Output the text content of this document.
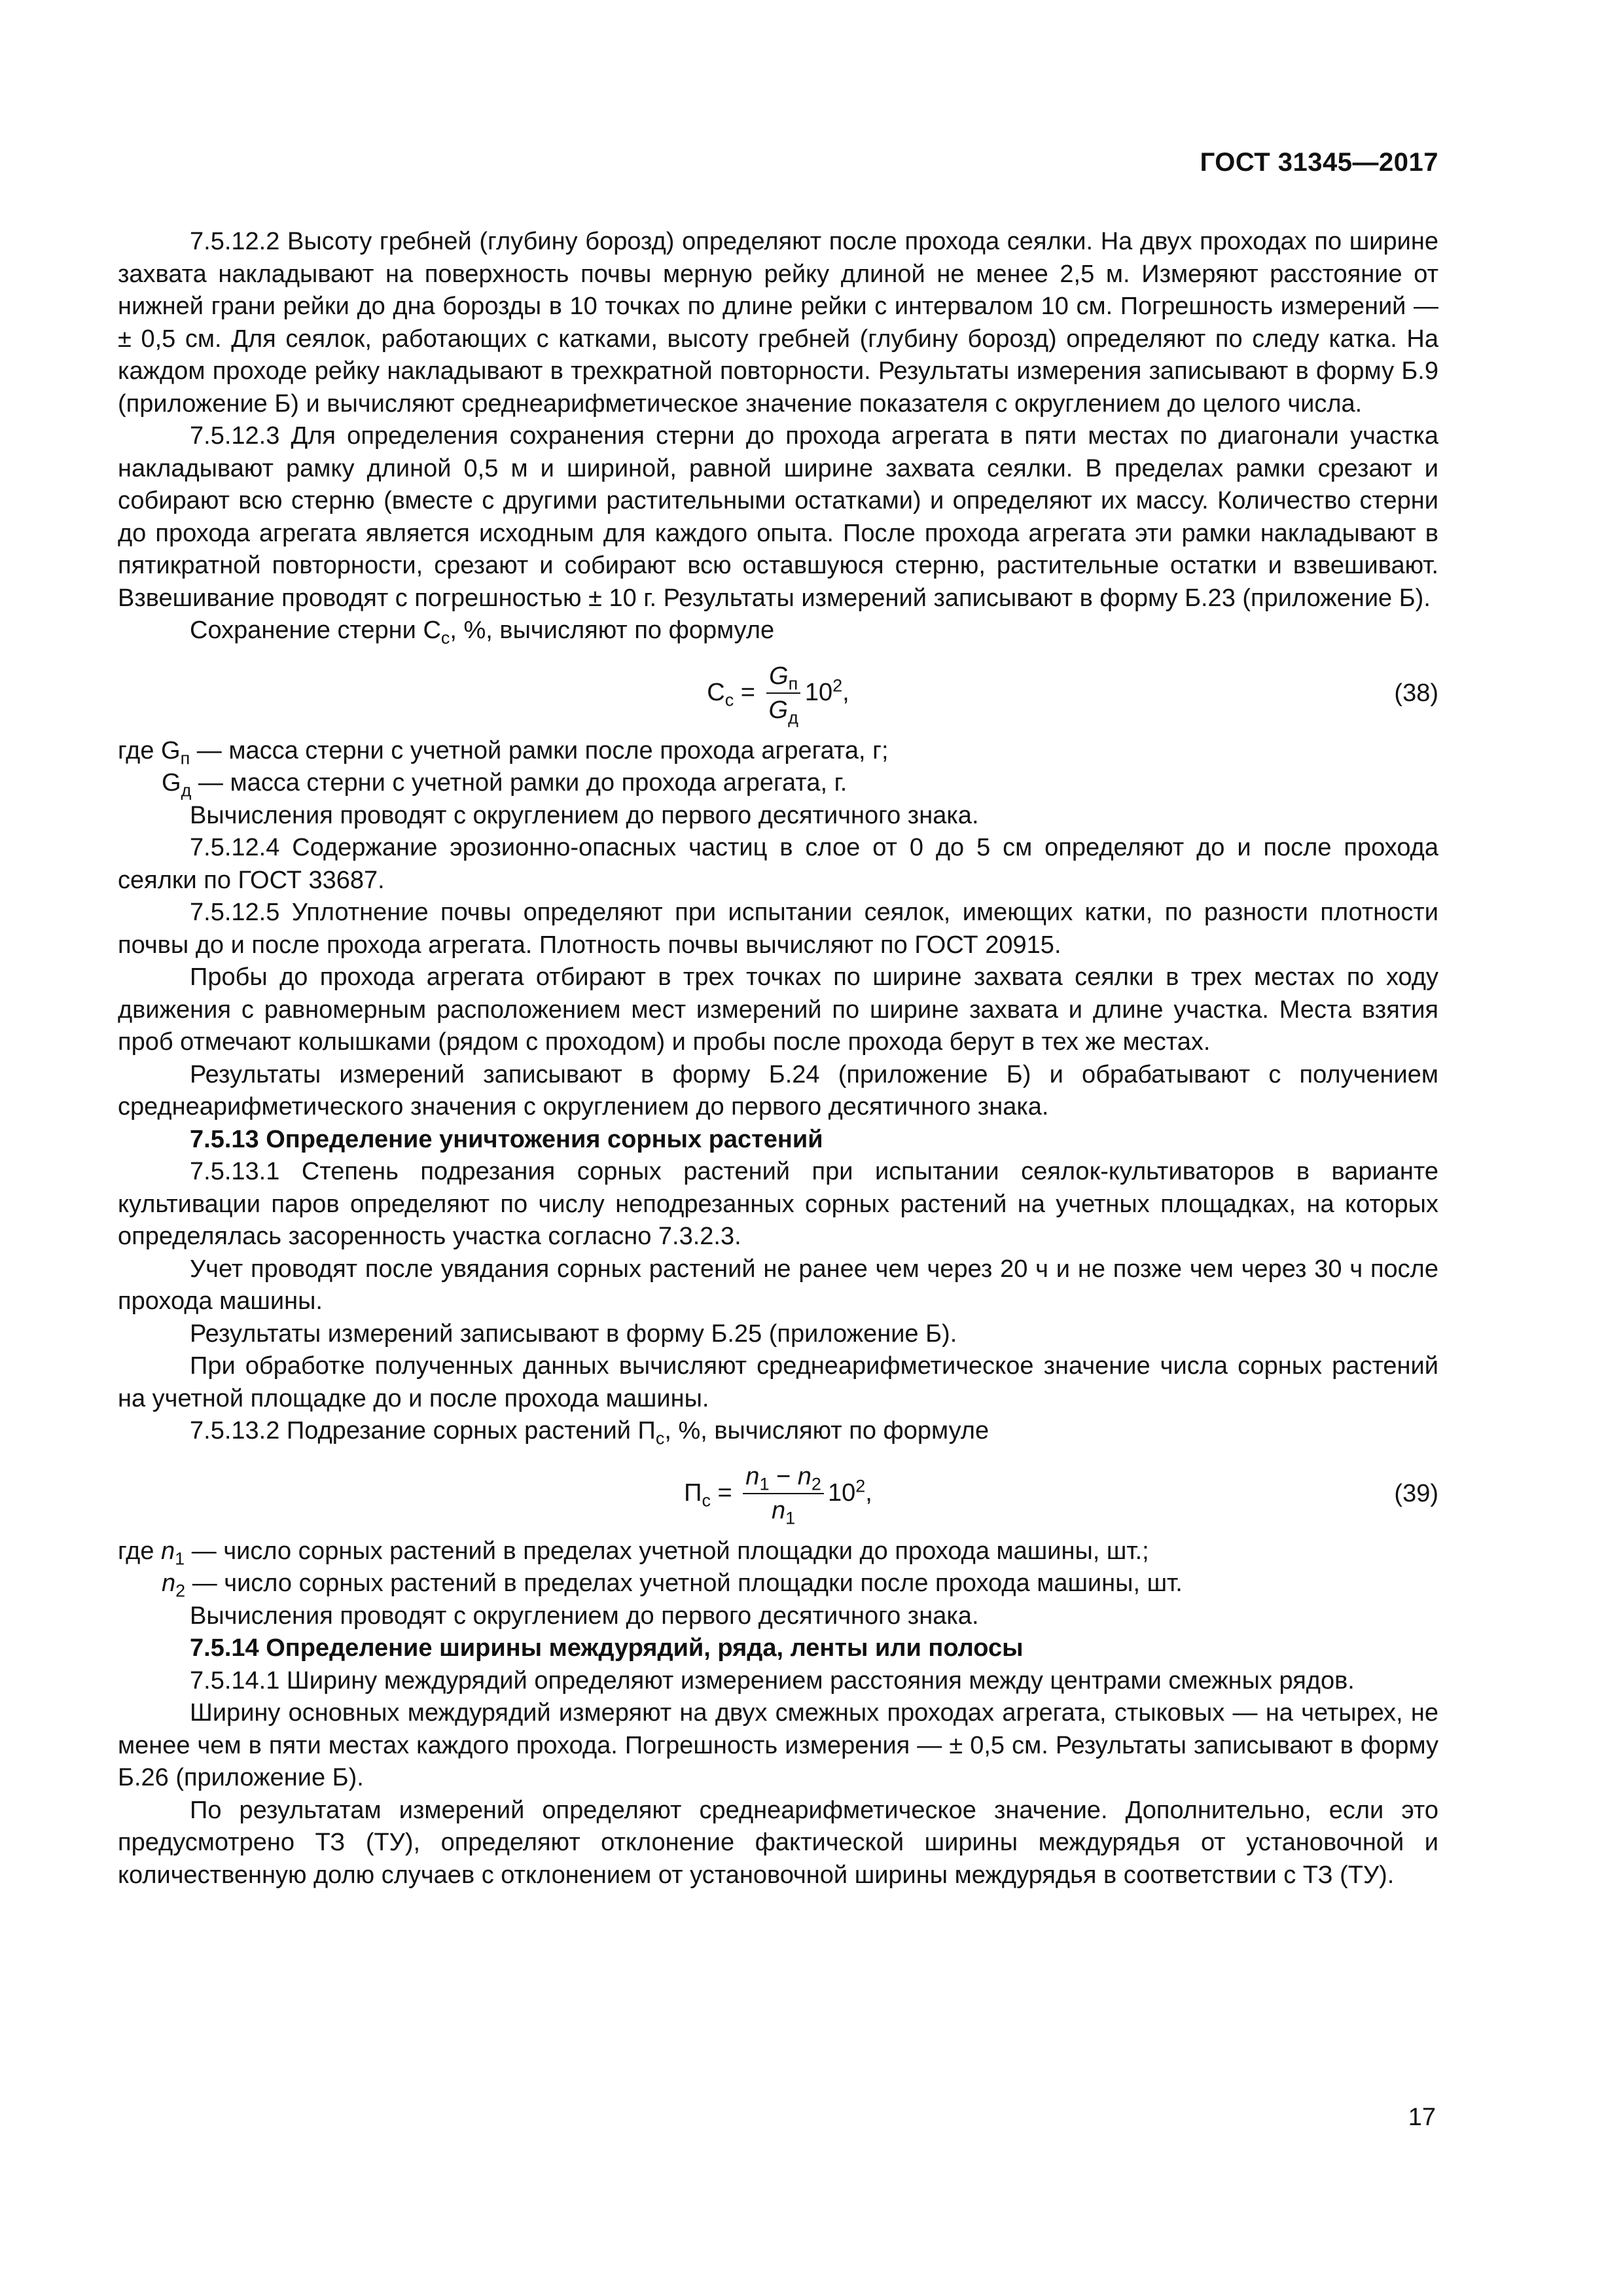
ГОСТ 31345—2017

7.5.12.2 Высоту гребней (глубину борозд) определяют после прохода сеялки. На двух проходах по ширине захвата накладывают на поверхность почвы мерную рейку длиной не менее 2,5 м. Измеряют расстояние от нижней грани рейки до дна борозды в 10 точках по длине рейки с интервалом 10 см. Погрешность измерений — ± 0,5 см. Для сеялок, работающих с катками, высоту гребней (глубину борозд) определяют по следу катка. На каждом проходе рейку накладывают в трехкратной повторности. Результаты измерения записывают в форму Б.9 (приложение Б) и вычисляют среднеарифметическое значение показателя с округлением до целого числа.

7.5.12.3 Для определения сохранения стерни до прохода агрегата в пяти местах по диагонали участка накладывают рамку длиной 0,5 м и шириной, равной ширине захвата сеялки. В пределах рамки срезают и собирают всю стерню (вместе с другими растительными остатками) и определяют их массу. Количество стерни до прохода агрегата является исходным для каждого опыта. После прохода агрегата эти рамки накладывают в пятикратной повторности, срезают и собирают всю оставшуюся стерню, растительные остатки и взвешивают. Взвешивание проводят с погрешностью ± 10 г. Результаты измерений записывают в форму Б.23 (приложение Б).

Сохранение стерни $С_с$, %, вычисляют по формуле

$С_с = \frac{G_п}{G_д} 10^2$,	(38)

где $G_п$ — масса стерни с учетной рамки после прохода агрегата, г;

$G_д$ — масса стерни с учетной рамки до прохода агрегата, г.

Вычисления проводят с округлением до первого десятичного знака.

7.5.12.4 Содержание эрозионно-опасных частиц в слое от 0 до 5 см определяют до и после прохода сеялки по ГОСТ 33687.

7.5.12.5 Уплотнение почвы определяют при испытании сеялок, имеющих катки, по разности плотности почвы до и после прохода агрегата. Плотность почвы вычисляют по ГОСТ 20915.

Пробы до прохода агрегата отбирают в трех точках по ширине захвата сеялки в трех местах по ходу движения с равномерным расположением мест измерений по ширине захвата и длине участка. Места взятия проб отмечают колышками (рядом с проходом) и пробы после прохода берут в тех же местах.

Результаты измерений записывают в форму Б.24 (приложение Б) и обрабатывают с получением среднеарифметического значения с округлением до первого десятичного знака.

7.5.13 Определение уничтожения сорных растений

7.5.13.1 Степень подрезания сорных растений при испытании сеялок-культиваторов в варианте культивации паров определяют по числу неподрезанных сорных растений на учетных площадках, на которых определялась засоренность участка согласно 7.3.2.3.

Учет проводят после увядания сорных растений не ранее чем через 20 ч и не позже чем через 30 ч после прохода машины.

Результаты измерений записывают в форму Б.25 (приложение Б).

При обработке полученных данных вычисляют среднеарифметическое значение числа сорных растений на учетной площадке до и после прохода машины.

7.5.13.2 Подрезание сорных растений $П_с$, %, вычисляют по формуле

$П_с = \frac{n_1 - n_2}{n_1} 10^2$,	(39)

где $n_1$ — число сорных растений в пределах учетной площадки до прохода машины, шт.;

$n_2$ — число сорных растений в пределах учетной площадки после прохода машины, шт.

Вычисления проводят с округлением до первого десятичного знака.

7.5.14 Определение ширины междурядий, ряда, ленты или полосы

7.5.14.1 Ширину междурядий определяют измерением расстояния между центрами смежных рядов.

Ширину основных междурядий измеряют на двух смежных проходах агрегата, стыковых — на четырех, не менее чем в пяти местах каждого прохода. Погрешность измерения — ± 0,5 см. Результаты записывают в форму Б.26 (приложение Б).

По результатам измерений определяют среднеарифметическое значение. Дополнительно, если это предусмотрено ТЗ (ТУ), определяют отклонение фактической ширины междурядья от установочной и количественную долю случаев с отклонением от установочной ширины междурядья в соответствии с ТЗ (ТУ).

17
